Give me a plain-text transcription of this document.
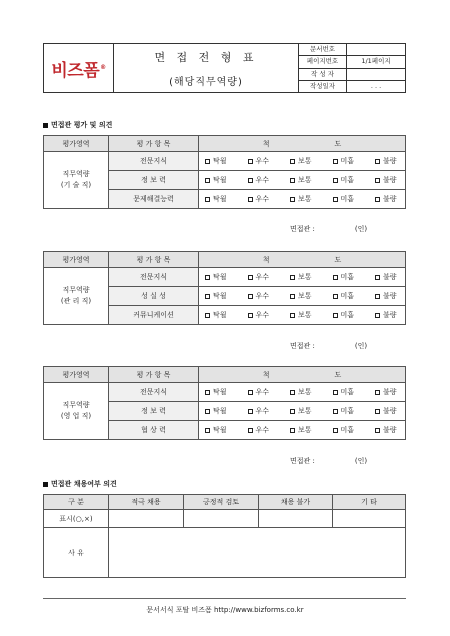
비즈폼®
면 접 전 형 표
(해당직무역량)
문서번호
페이지번호	1/1페이지
작 성 자
작성일자	. . .
면접관 평가 및 의견
평가영역	평 가 항 목	척 도
직무역량
(기 술 직)	전문지식	탁월 우수 보통 미흡 불량
	정 보 력	탁월 우수 보통 미흡 불량
	문제해결능력	탁월 우수 보통 미흡 불량
면접관 :	(인)
평가영역	평 가 항 목	척 도
직무역량
(관 리 직)	전문지식	탁월 우수 보통 미흡 불량
	성 실 성	탁월 우수 보통 미흡 불량
	커뮤니케이션	탁월 우수 보통 미흡 불량
면접관 :	(인)
평가영역	평 가 항 목	척 도
직무역량
(영 업 직)	전문지식	탁월 우수 보통 미흡 불량
	정 보 력	탁월 우수 보통 미흡 불량
	협 상 력	탁월 우수 보통 미흡 불량
면접관 :	(인)
면접관 채용여부 의견
구 분	적극 채용	긍정적 검토	채용 불가	기 타
표시(○,×)				
사 유				
문서서식 포탈 비즈폼 http://www.bizforms.co.kr
